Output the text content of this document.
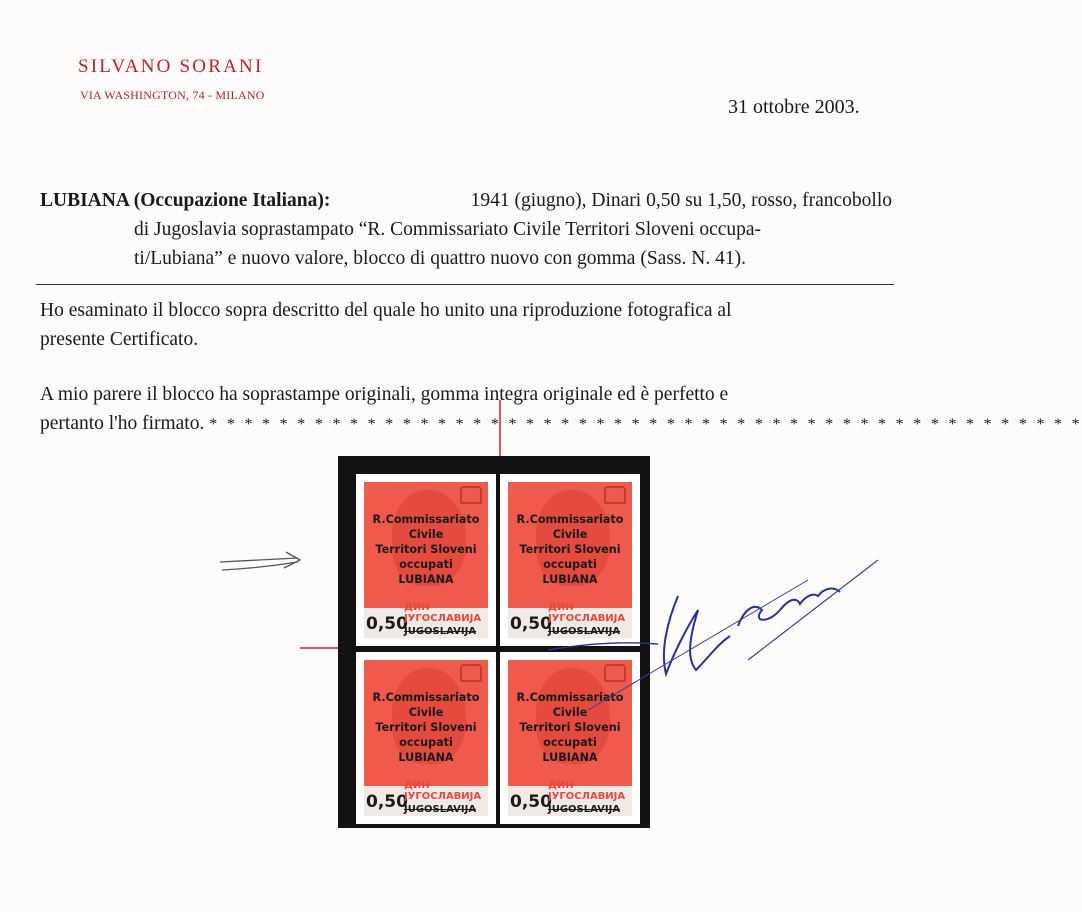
SILVANO SORANI
VIA WASHINGTON, 74 - MILANO
31 ottobre 2003.
LUBIANA (Occupazione Italiana):	1941 (giugno), Dinari 0,50 su 1,50, rosso, francobollo
di Jugoslavia soprastampato “R. Commissariato Civile Territori Sloveni occupa-
ti/Lubiana” e nuovo valore, blocco di quattro nuovo con gomma (Sass. N. 41).
Ho esaminato il blocco sopra descritto del quale ho unito una riproduzione fotografica al
presente Certificato.
A mio parere il blocco ha soprastampe originali, gomma integra originale ed è perfetto e
pertanto l'ho firmato. * * * * * * * * * * * * * * * * * * * * * * * * * * * * * * * * * * * * * * * * * * * * * * * * * *
R.Commissariato
Civile
Territori Sloveni
occupati
LUBIANA
0,50
ДИН ЈУГОСЛАВИЈА
JUGOSLAVIJA
R.Commissariato
Civile
Territori Sloveni
occupati
LUBIANA
0,50
ДИН ЈУГОСЛАВИЈА
JUGOSLAVIJA
R.Commissariato
Civile
Territori Sloveni
occupati
LUBIANA
0,50
ДИН ЈУГОСЛАВИЈА
JUGOSLAVIJA
R.Commissariato
Civile
Territori Sloveni
occupati
LUBIANA
0,50
ДИН ЈУГОСЛАВИЈА
JUGOSLAVIJA
